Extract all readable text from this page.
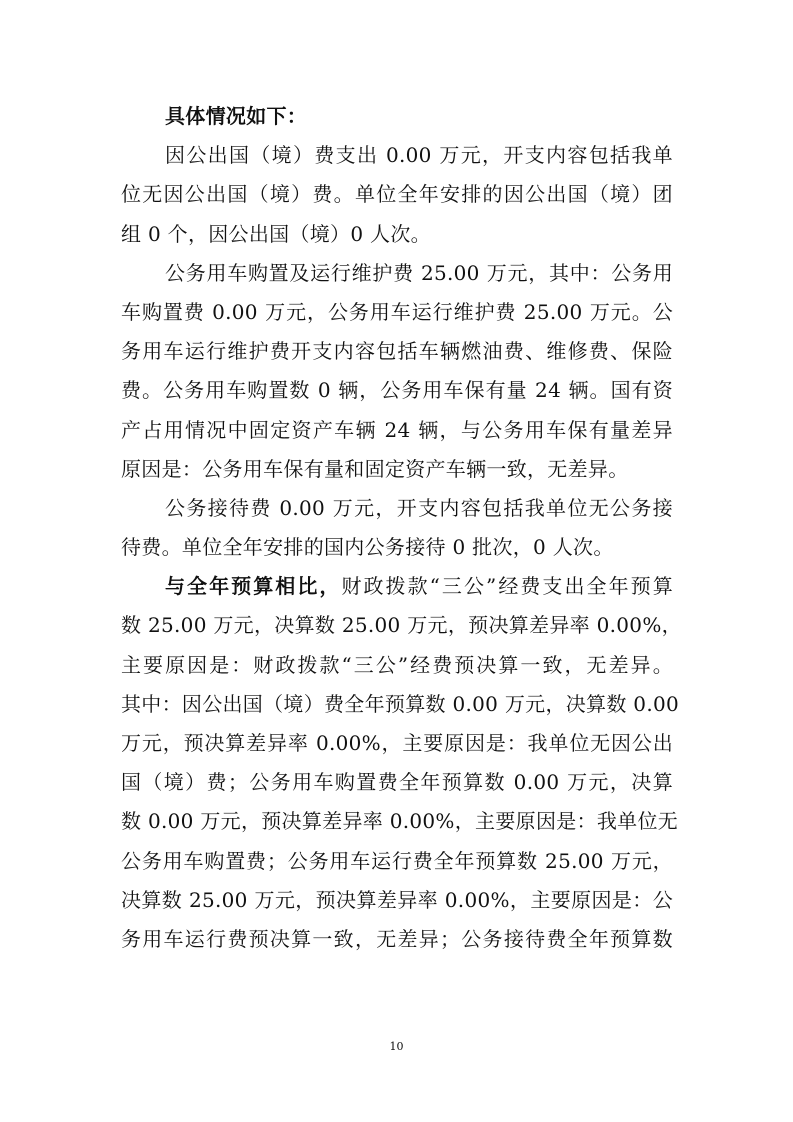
具体情况如下：
因公出国（境）费支出 0.00 万元，开支内容包括我单
位无因公出国（境）费。单位全年安排的因公出国（境）团
组 0 个，因公出国（境）0 人次。
公务用车购置及运行维护费 25.00 万元，其中：公务用
车购置费 0.00 万元，公务用车运行维护费 25.00 万元。公
务用车运行维护费开支内容包括车辆燃油费、维修费、保险
费。公务用车购置数 0 辆，公务用车保有量 24 辆。国有资
产占用情况中固定资产车辆 24 辆，与公务用车保有量差异
原因是：公务用车保有量和固定资产车辆一致，无差异。
公务接待费 0.00 万元，开支内容包括我单位无公务接
待费。单位全年安排的国内公务接待 0 批次，0 人次。
与全年预算相比，财政拨款“三公”经费支出全年预算
数 25.00 万元，决算数 25.00 万元，预决算差异率 0.00%，
主要原因是：财政拨款“三公”经费预决算一致，无差异。
其中：因公出国（境）费全年预算数 0.00 万元，决算数 0.00
万元，预决算差异率 0.00%，主要原因是：我单位无因公出
国（境）费；公务用车购置费全年预算数 0.00 万元，决算
数 0.00 万元，预决算差异率 0.00%，主要原因是：我单位无
公务用车购置费；公务用车运行费全年预算数 25.00 万元，
决算数 25.00 万元，预决算差异率 0.00%，主要原因是：公
务用车运行费预决算一致，无差异；公务接待费全年预算数
10
